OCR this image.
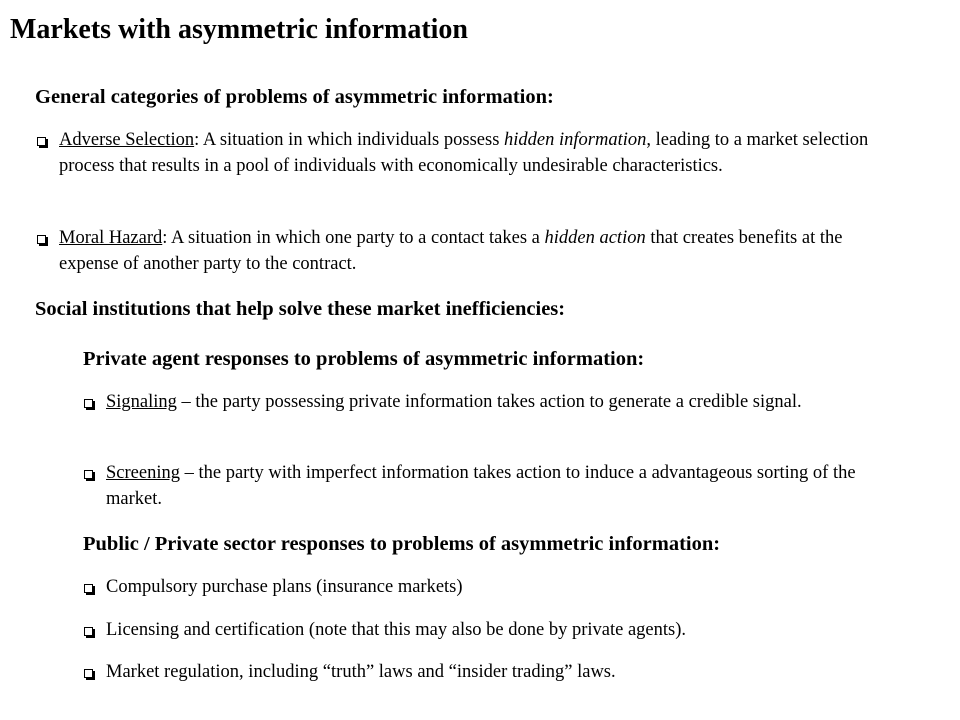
Markets with asymmetric information
General categories of problems of asymmetric information:

Adverse Selection: A situation in which individuals possess hidden information, leading to a market selection process that results in a pool of individuals with economically undesirable characteristics.

Moral Hazard: A situation in which one party to a contact takes a hidden action that creates benefits at the expense of another party to the contract.

Social institutions that help solve these market inefficiencies:
Private agent responses to problems of asymmetric information:

Signaling – the party possessing private information takes action to generate a credible signal.

Screening – the party with imperfect information takes action to induce a advantageous sorting of the market.

Public / Private sector responses to problems of asymmetric information:

Compulsory purchase plans (insurance markets)

Licensing and certification (note that this may also be done by private agents).

Market regulation, including “truth” laws and “insider trading” laws.
